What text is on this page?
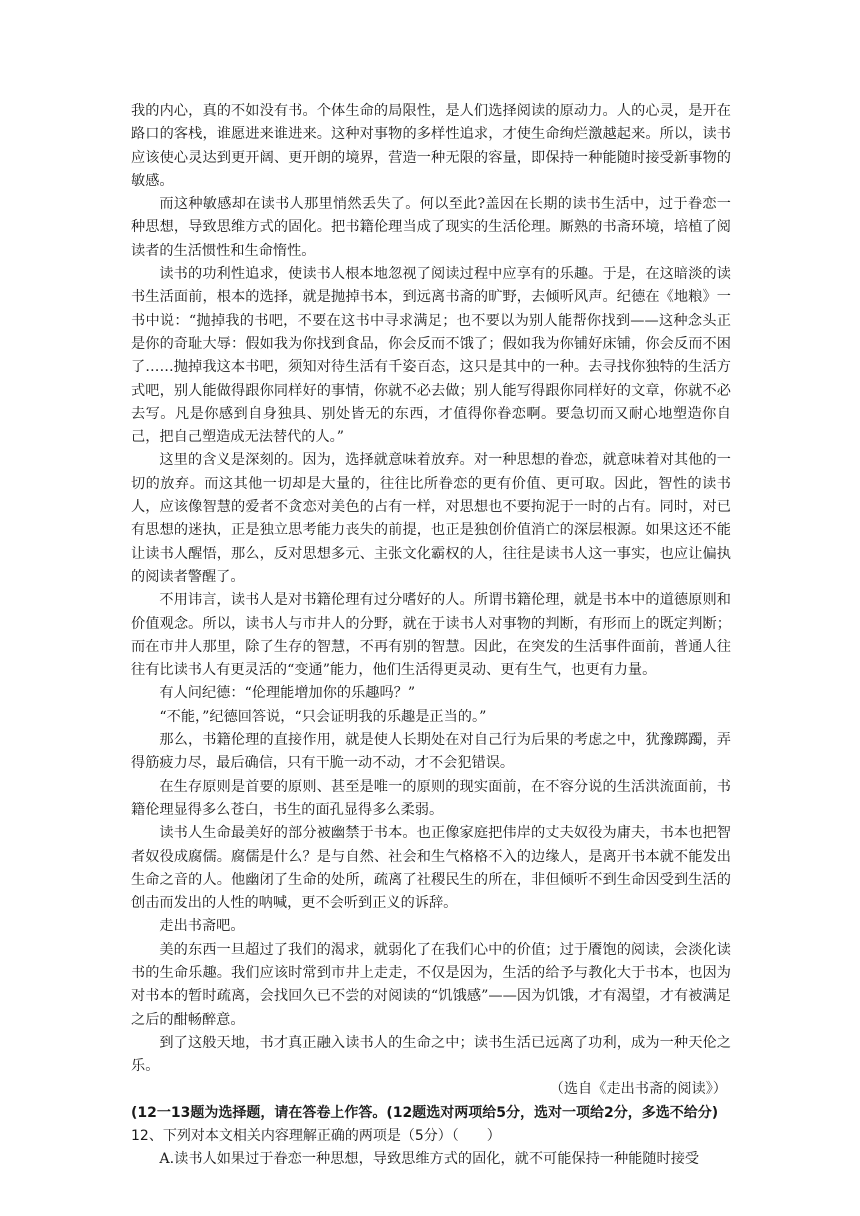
我的内心，真的不如没有书。个体生命的局限性，是人们选择阅读的原动力。人的心灵，是开在路口的客栈，谁愿进来谁进来。这种对事物的多样性追求，才使生命绚烂激越起来。所以，读书应该使心灵达到更开阔、更开朗的境界，营造一种无限的容量，即保持一种能随时接受新事物的敏感。

而这种敏感却在读书人那里悄然丢失了。何以至此?盖因在长期的读书生活中，过于眷恋一种思想，导致思维方式的固化。把书籍伦理当成了现实的生活伦理。厮熟的书斋环境，培植了阅读者的生活惯性和生命惰性。

读书的功利性追求，使读书人根本地忽视了阅读过程中应享有的乐趣。于是，在这暗淡的读书生活面前，根本的选择，就是抛掉书本，到远离书斋的旷野，去倾听风声。纪德在《地粮》一书中说：“抛掉我的书吧，不要在这书中寻求满足；也不要以为别人能帮你找到——这种念头正是你的奇耻大辱：假如我为你找到食品，你会反而不饿了；假如我为你铺好床铺，你会反而不困了……抛掉我这本书吧，须知对待生活有千姿百态，这只是其中的一种。去寻找你独特的生活方式吧，别人能做得跟你同样好的事情，你就不必去做；别人能写得跟你同样好的文章，你就不必去写。凡是你感到自身独具、别处皆无的东西，才值得你眷恋啊。要急切而又耐心地塑造你自己，把自己塑造成无法替代的人。”

这里的含义是深刻的。因为，选择就意味着放弃。对一种思想的眷恋，就意味着对其他的一切的放弃。而这其他一切却是大量的，往往比所眷恋的更有价值、更可取。因此，智性的读书人，应该像智慧的爱者不贪恋对美色的占有一样，对思想也不要拘泥于一时的占有。同时，对已有思想的迷执，正是独立思考能力丧失的前提，也正是独创价值消亡的深层根源。如果这还不能让读书人醒悟，那么，反对思想多元、主张文化霸权的人，往往是读书人这一事实，也应让偏执的阅读者警醒了。

不用讳言，读书人是对书籍伦理有过分嗜好的人。所谓书籍伦理，就是书本中的道德原则和价值观念。所以，读书人与市井人的分野，就在于读书人对事物的判断，有形而上的既定判断；而在市井人那里，除了生存的智慧，不再有别的智慧。因此，在突发的生活事件面前，普通人往往有比读书人有更灵活的“变通”能力，他们生活得更灵动、更有生气，也更有力量。

有人问纪德：“伦理能增加你的乐趣吗？”

“不能，”纪德回答说，“只会证明我的乐趣是正当的。”

那么，书籍伦理的直接作用，就是使人长期处在对自己行为后果的考虑之中，犹豫踯躅，弄得筋疲力尽，最后确信，只有干脆一动不动，才不会犯错误。

在生存原则是首要的原则、甚至是唯一的原则的现实面前，在不容分说的生活洪流面前，书籍伦理显得多么苍白，书生的面孔显得多么柔弱。

读书人生命最美好的部分被幽禁于书本。也正像家庭把伟岸的丈夫奴役为庸夫，书本也把智者奴役成腐儒。腐儒是什么？是与自然、社会和生气格格不入的边缘人，是离开书本就不能发出生命之音的人。他幽闭了生命的处所，疏离了社稷民生的所在，非但倾听不到生命因受到生活的创击而发出的人性的呐喊，更不会听到正义的诉辞。

走出书斋吧。

美的东西一旦超过了我们的渴求，就弱化了在我们心中的价值；过于餍饱的阅读，会淡化读书的生命乐趣。我们应该时常到市井上走走，不仅是因为，生活的给予与教化大于书本，也因为对书本的暂时疏离，会找回久已不尝的对阅读的“饥饿感”——因为饥饿，才有渴望，才有被满足之后的酣畅醉意。

到了这般天地，书才真正融入读书人的生命之中；读书生活已远离了功利，成为一种天伦之乐。

（选自《走出书斋的阅读》）

(12一13题为选择题，请在答卷上作答。(12题选对两项给5分，选对一项给2分，多选不给分)

12、下列对本文相关内容理解正确的两项是（5分）（　　）

A.读书人如果过于眷恋一种思想，导致思维方式的固化，就不可能保持一种能随时接受
